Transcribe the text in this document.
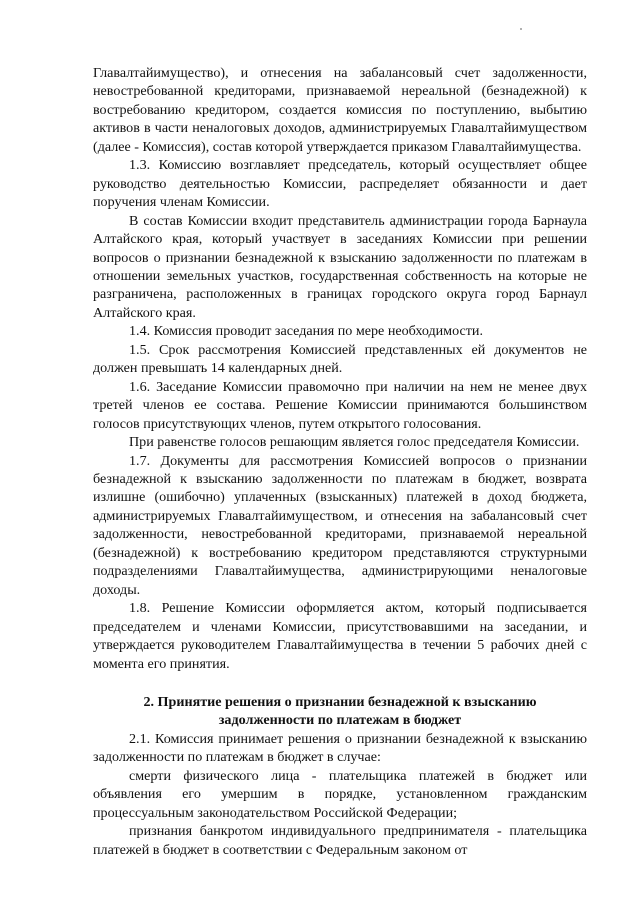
Главалтайимущество), и отнесения на забалансовый счет задолженности, невостребованной кредиторами, признаваемой нереальной (безнадежной) к востребованию кредитором, создается комиссия по поступлению, выбытию активов в части неналоговых доходов, администрируемых Главалтайимуществом (далее - Комиссия), состав которой утверждается приказом Главалтайимущества.

1.3. Комиссию возглавляет председатель, который осуществляет общее руководство деятельностью Комиссии, распределяет обязанности и дает поручения членам Комиссии.

В состав Комиссии входит представитель администрации города Барнаула Алтайского края, который участвует в заседаниях Комиссии при решении вопросов о признании безнадежной к взысканию задолженности по платежам в отношении земельных участков, государственная собственность на которые не разграничена, расположенных в границах городского округа город Барнаул Алтайского края.

1.4. Комиссия проводит заседания по мере необходимости.

1.5. Срок рассмотрения Комиссией представленных ей документов не должен превышать 14 календарных дней.

1.6. Заседание Комиссии правомочно при наличии на нем не менее двух третей членов ее состава. Решение Комиссии принимаются большинством голосов присутствующих членов, путем открытого голосования.

При равенстве голосов решающим является голос председателя Комиссии.

1.7. Документы для рассмотрения Комиссией вопросов о признании безнадежной к взысканию задолженности по платежам в бюджет, возврата излишне (ошибочно) уплаченных (взысканных) платежей в доход бюджета, администрируемых Главалтайимуществом, и отнесения на забалансовый счет задолженности, невостребованной кредиторами, признаваемой нереальной (безнадежной) к востребованию кредитором представляются структурными подразделениями Главалтайимущества, администрирующими неналоговые доходы.

1.8. Решение Комиссии оформляется актом, который подписывается председателем и членами Комиссии, присутствовавшими на заседании, и утверждается руководителем Главалтайимущества в течении 5 рабочих дней с момента его принятия.

2. Принятие решения о признании безнадежной к взысканию

задолженности по платежам в бюджет

2.1. Комиссия принимает решения о признании безнадежной к взысканию задолженности по платежам в бюджет в случае:

смерти физического лица - плательщика платежей в бюджет или объявления его умершим в порядке, установленном гражданским процессуальным законодательством Российской Федерации;

признания банкротом индивидуального предпринимателя - плательщика платежей в бюджет в соответствии с Федеральным законом от
